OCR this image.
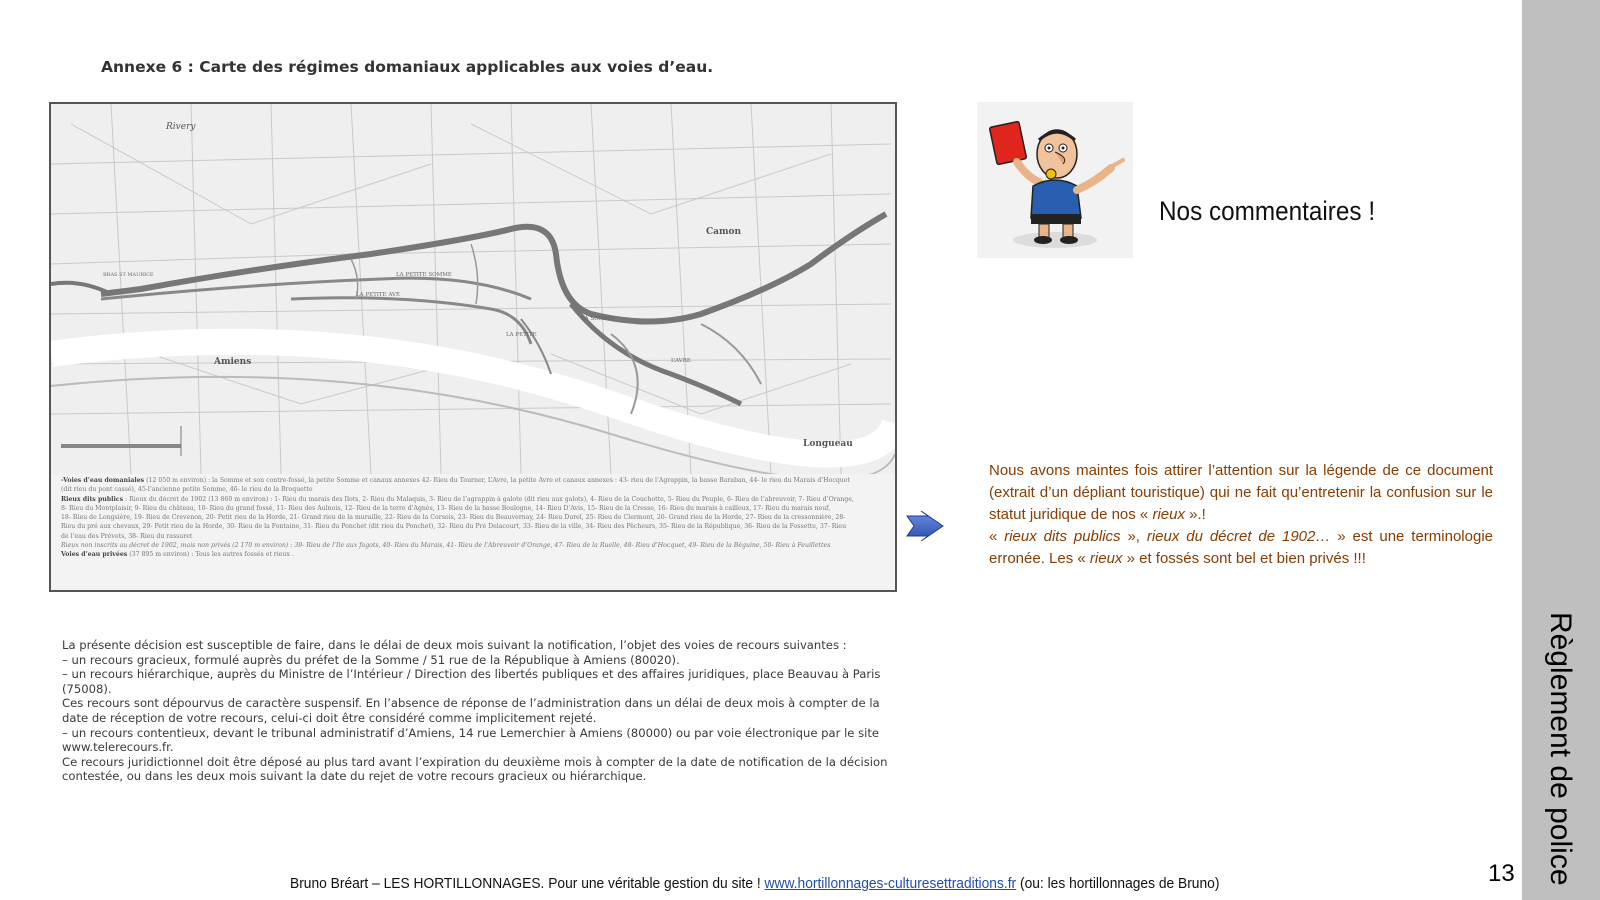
Règlement de police
13
Annexe 6 : Carte des régimes domaniaux applicables aux voies d’eau.
Rivery
Camon
Amiens
Longueau
LA PETITE SOMME
LA PETITE AVE
LA SOMME
L’AVRE
LA PETITE
BRAS ST MAURICE

-Voies d’eau domaniales (12 050 m environ) : la Somme et son contre-fossé, la petite Somme et canaux annexes 42- Rieu du Tourner, L’Avre, la petite Avre et canaux annexes : 43- rieu de l’Agrappin, la basse Baraban, 44- le rieu du Marais d’Hocquet

(dit rieu du pont cassé), 45-l’ancienne petite Somme, 46- le rieu de la Broquette

Rieux dits publics : Rieux du décret de 1902 (13 860 m environ) : 1- Rieu du marais des Ilots, 2- Rieu du Malaquis, 3- Rieu de l’agrappin à galote (dit rieu aux galots), 4- Rieu de la Couchotte, 5- Rieu du Peuple, 6- Rieu de l’abreuvoir, 7- Rieu d’Orange,

8- Rieu du Montplaisir, 9- Rieu du château, 10- Rieu du grand fossé, 11- Rieu des Aulnois, 12- Rieu de la terre d’Agnès, 13- Rieu de la basse Boulogne, 14- Rieu D’Avis, 15- Rieu de la Cresse, 16- Rieu du marais à cailloux, 17- Rieu du marais neuf,

18- Rieu de Longsière, 19- Rieu de Crevenon, 20- Petit rieu de la Horde, 21- Grand rieu de la muraille, 22- Rieu de la Corsois, 23- Rieu du Beauvernay, 24- Rieu Durel, 25- Rieu de Clermont, 26- Grand rieu de la Horde, 27- Rieu de la cressonnière, 28-

Rieu du pré aux chevaux, 29- Petit rieu de la Horde, 30- Rieu de la Fontaine, 31- Rieu du Ponchet (dit rieu du Ponchet), 32- Rieu du Pré Delacourt, 33- Rieu de la ville, 34- Rieu des Pêcheurs, 35- Rieu de la République, 36- Rieu de la Fossette, 37- Rieu

de l’eau des Prévots, 38- Rieu du rassuret

Rieux non inscrits au décret de 1902, mais non privés (2 170 m environ) : 39- Rieu de l’Ile aux fagots, 40- Rieu du Marais, 41- Rieu de l’Abreuvoir d’Orange, 47- Rieu de la Ruelle, 48- Rieu d’Hocquet, 49- Rieu de la Béguine, 50- Rieu à Feuillettes

Voies d’eau privées (37 895 m environ) : Tous les autres fossés et rieux .

La présente décision est susceptible de faire, dans le délai de deux mois suivant la notification, l’objet des voies de recours suivantes :

– un recours gracieux, formulé auprès du préfet de la Somme / 51 rue de la République à Amiens (80020).

– un recours hiérarchique, auprès du Ministre de l’Intérieur / Direction des libertés publiques et des affaires juridiques, place Beauvau à Paris

(75008).

Ces recours sont dépourvus de caractère suspensif. En l’absence de réponse de l’administration dans un délai de deux mois à compter de la

date de réception de votre recours, celui-ci doit être considéré comme implicitement rejeté.

– un recours contentieux, devant le tribunal administratif d’Amiens, 14 rue Lemerchier à Amiens (80000) ou par voie électronique par le site

www.telerecours.fr.

Ce recours juridictionnel doit être déposé au plus tard avant l’expiration du deuxième mois à compter de la date de notification de la décision

contestée, ou dans les deux mois suivant la date du rejet de votre recours gracieux ou hiérarchique.

Nos commentaires !

Nous avons maintes fois attirer l’attention sur la légende de ce document (extrait d’un dépliant touristique) qui ne fait qu’entretenir la confusion sur le statut juridique de nos « rieux ».!

« rieux dits publics », rieux du décret de 1902… » est une terminologie erronée. Les « rieux » et fossés sont bel et bien privés !!!

Bruno Bréart – LES HORTILLONNAGES. Pour une véritable gestion du site ! www.hortillonnages-culturesettraditions.fr (ou: les hortillonnages de Bruno)
